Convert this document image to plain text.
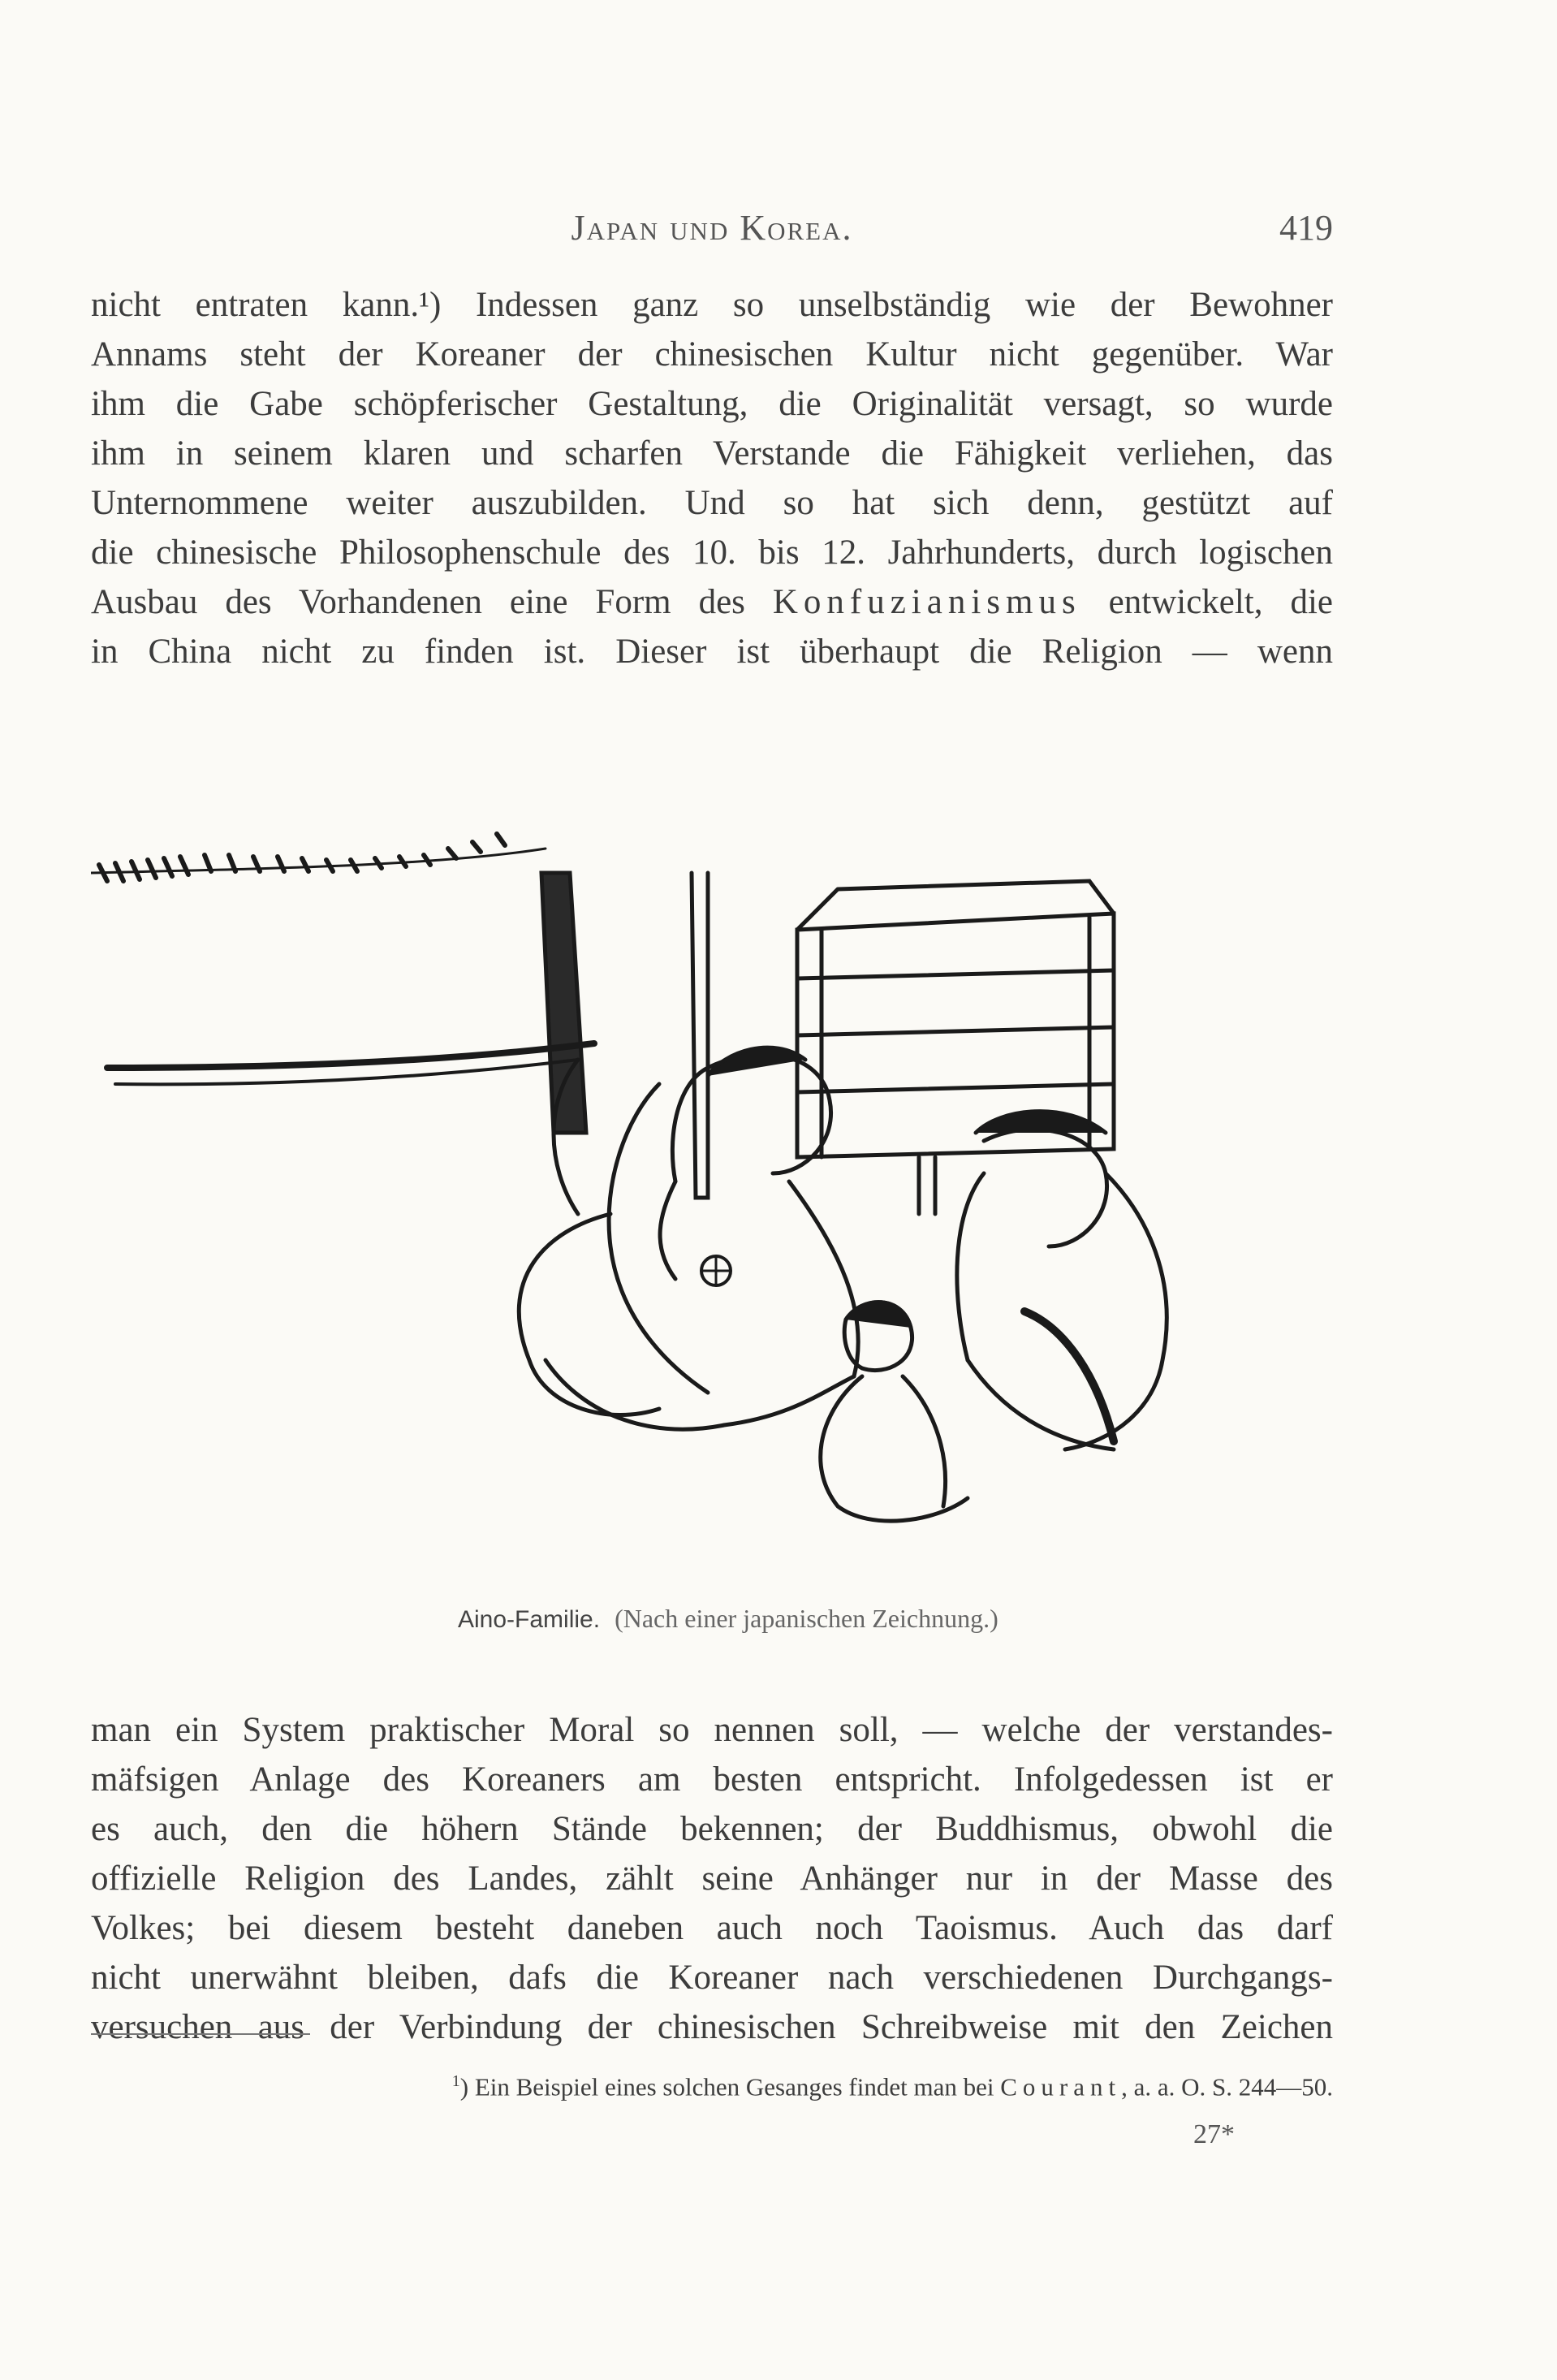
Japan und Korea.	419
nicht entraten kann.¹) Indessen ganz so unselbständig wie der Bewohner
Annams steht der Koreaner der chinesischen Kultur nicht gegenüber. War
ihm die Gabe schöpferischer Gestaltung, die Originalität versagt, so wurde
ihm in seinem klaren und scharfen Verstande die Fähigkeit verliehen, das
Unternommene weiter auszubilden. Und so hat sich denn, gestützt auf
die chinesische Philosophenschule des 10. bis 12. Jahrhunderts, durch logischen
Ausbau des Vorhandenen eine Form des Konfuzianismus entwickelt, die
in China nicht zu finden ist. Dieser ist überhaupt die Religion — wenn
Aino-Familie. (Nach einer japanischen Zeichnung.)
man ein System praktischer Moral so nennen soll, — welche der verstandes-
mäfsigen Anlage des Koreaners am besten entspricht. Infolgedessen ist er
es auch, den die höhern Stände bekennen; der Buddhismus, obwohl die
offizielle Religion des Landes, zählt seine Anhänger nur in der Masse des
Volkes; bei diesem besteht daneben auch noch Taoismus. Auch das darf
nicht unerwähnt bleiben, dafs die Koreaner nach verschiedenen Durchgangs-
versuchen aus der Verbindung der chinesischen Schreibweise mit den Zeichen
$^1$) Ein Beispiel eines solchen Gesanges findet man bei Courant, a. a. O. S. 244—50.
27*
